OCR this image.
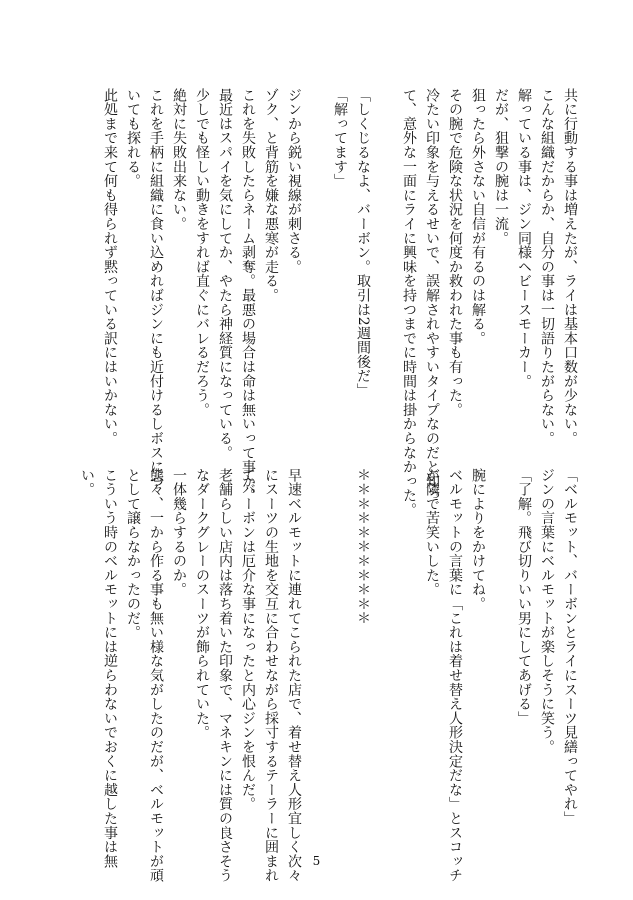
共に行動する事は増えたが、ライは基本口数が少ない。
こんな組織だからか、自分の事は一切語りたがらない。
解っている事は、ジン同様ヘビースモーカー。
だが、狙撃の腕は一流。
狙ったら外さない自信が有るのは解る。
その腕で危険な状況を何度か救われた事も有った。
冷たい印象を与えるせいで、誤解されやすいタイプなのだと知っ
て、意外な一面にライに興味を持つまでに時間は掛からなかった。
「しくじるなよ、バーボン。取引は2週間後だ」
「解ってます」
ジンから鋭い視線が刺さる。
ゾク、と背筋を嫌な悪寒が走る。
これを失敗したらネーム剥奪。最悪の場合は命は無いって事か。
最近はスパイを気にしてか、やたら神経質になっている。
少しでも怪しい動きをすれば直ぐにバレるだろう。
絶対に失敗出来ない。
これを手柄に組織に食い込めればジンにも近付けるしボスにつ
いても探れる。
此処まで来て何も得られず黙っている訳にはいかない。
「ベルモット、バーボンとライにスーツ見繕ってやれ」
ジンの言葉にベルモットが楽しそうに笑う。
「了解。飛び切りいい男にしてあげる」
腕によりをかけてね。
ベルモットの言葉に「これは着せ替え人形決定だな」とスコッチ
が隣で苦笑いした。
＊＊＊＊＊＊＊＊＊＊＊
早速ベルモットに連れてこられた店で、着せ替え人形宜しく次々
にスーツの生地を交互に合わせながら採寸するテーラーに囲まれ
てバーボンは厄介な事になったと内心ジンを恨んだ。
老舗らしい店内は落ち着いた印象で、マネキンには質の良さそう
なダークグレーのスーツが飾られていた。
一体幾らするのか。
態々、一から作る事も無い様な気がしたのだが、ベルモットが頑
として譲らなかったのだ。
こういう時のベルモットには逆らわないでおくに越した事は無
い。
5
